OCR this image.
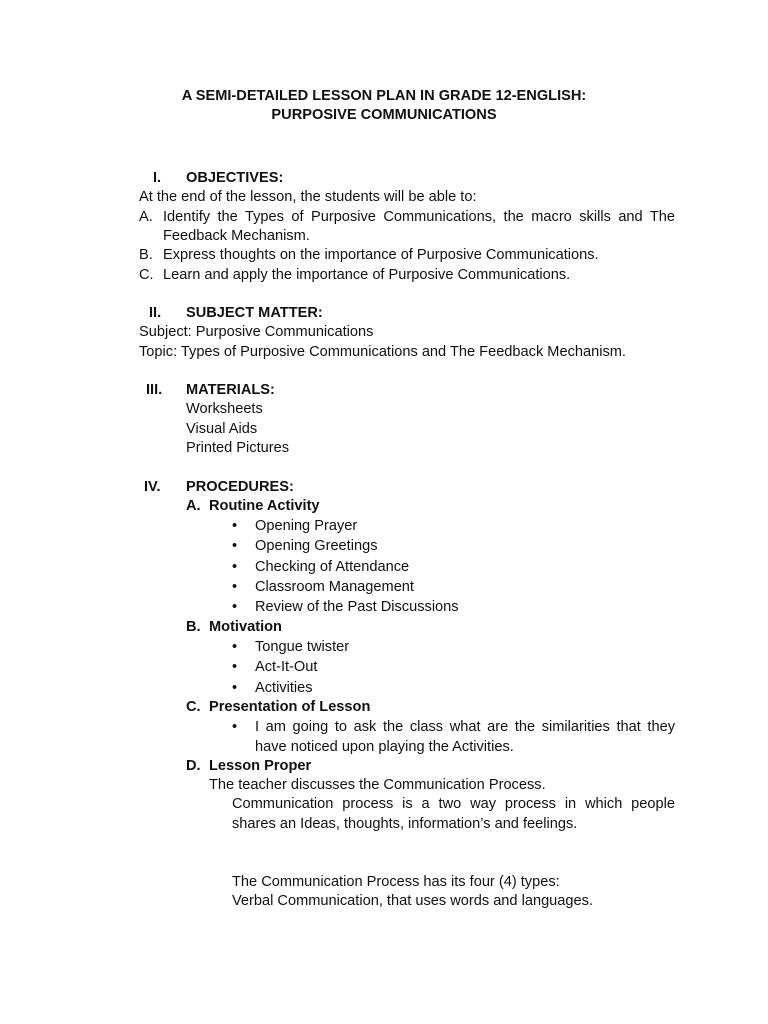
A SEMI-DETAILED LESSON PLAN IN GRADE 12-ENGLISH:
PURPOSIVE COMMUNICATIONS
I. OBJECTIVES:
At the end of the lesson, the students will be able to:
A. Identify the Types of Purposive Communications, the macro skills and The
Feedback Mechanism.
B. Express thoughts on the importance of Purposive Communications.
C. Learn and apply the importance of Purposive Communications.
II. SUBJECT MATTER:
Subject: Purposive Communications
Topic: Types of Purposive Communications and The Feedback Mechanism.
III. MATERIALS:
Worksheets
Visual Aids
Printed Pictures
IV. PROCEDURES:
A. Routine Activity
• Opening Prayer
• Opening Greetings
• Checking of Attendance
• Classroom Management
• Review of the Past Discussions
B. Motivation
• Tongue twister
• Act-It-Out
• Activities
C. Presentation of Lesson
• I am going to ask the class what are the similarities that they
have noticed upon playing the Activities.
D. Lesson Proper
The teacher discusses the Communication Process.
Communication process is a two way process in which people
shares an Ideas, thoughts, information’s and feelings.
The Communication Process has its four (4) types:
Verbal Communication, that uses words and languages.
